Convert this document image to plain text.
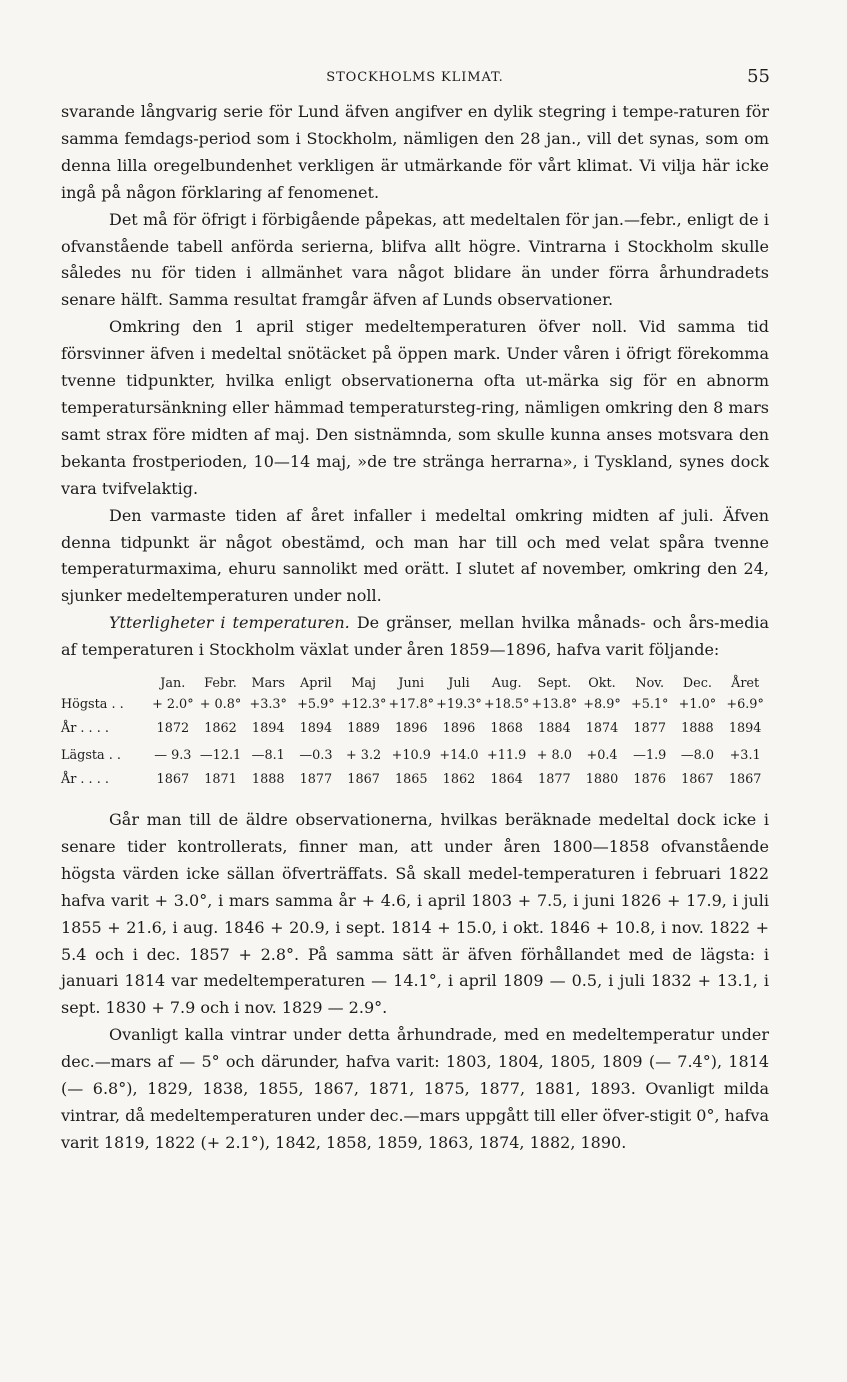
STOCKHOLMS KLIMAT.	55

svarande långvarig serie för Lund äfven angifver en dylik stegring i tempe-raturen för samma femdags-period som i Stockholm, nämligen den 28 jan., vill det synas, som om denna lilla oregelbundenhet verkligen är utmärkande för vårt klimat. Vi vilja här icke ingå på någon förklaring af fenomenet.

Det må för öfrigt i förbigående påpekas, att medeltalen för jan.—febr., enligt de i ofvanstående tabell anförda serierna, blifva allt högre. Vintrarna i Stockholm skulle således nu för tiden i allmänhet vara något blidare än under förra århundradets senare hälft. Samma resultat framgår äfven af Lunds observationer.

Omkring den 1 april stiger medeltemperaturen öfver noll. Vid samma tid försvinner äfven i medeltal snötäcket på öppen mark. Under våren i öfrigt förekomma tvenne tidpunkter, hvilka enligt observationerna ofta ut-märka sig för en abnorm temperatursänkning eller hämmad temperatursteg-ring, nämligen omkring den 8 mars samt strax före midten af maj. Den sistnämnda, som skulle kunna anses motsvara den bekanta frostperioden, 10—14 maj, »de tre stränga herrarna», i Tyskland, synes dock vara tvifvelaktig.

Den varmaste tiden af året infaller i medeltal omkring midten af juli. Äfven denna tidpunkt är något obestämd, och man har till och med velat spåra tvenne temperaturmaxima, ehuru sannolikt med orätt. I slutet af november, omkring den 24, sjunker medeltemperaturen under noll.

Ytterligheter i temperaturen. De gränser, mellan hvilka månads- och års-media af temperaturen i Stockholm växlat under åren 1859—1896, hafva varit följande:

	Jan.	Febr.	Mars	April	Maj	Juni	Juli	Aug.	Sept.	Okt.	Nov.	Dec.	Året
Högsta . .	+ 2.0°	+ 0.8°	+3.3°	+5.9°	+12.3°	+17.8°	+19.3°	+18.5°	+13.8°	+8.9°	+5.1°	+1.0°	+6.9°
År . . . .	1872	1862	1894	1894	1889	1896	1896	1868	1884	1874	1877	1888	1894
Lägsta . .	— 9.3	—12.1	—8.1	—0.3	+ 3.2	+10.9	+14.0	+11.9	+ 8.0	+0.4	—1.9	—8.0	+3.1
År . . . .	1867	1871	1888	1877	1867	1865	1862	1864	1877	1880	1876	1867	1867

Går man till de äldre observationerna, hvilkas beräknade medeltal dock icke i senare tider kontrollerats, finner man, att under åren 1800—1858 ofvanstående högsta värden icke sällan öfverträffats. Så skall medel-temperaturen i februari 1822 hafva varit + 3.0°, i mars samma år + 4.6, i april 1803 + 7.5, i juni 1826 + 17.9, i juli 1855 + 21.6, i aug. 1846 + 20.9, i sept. 1814 + 15.0, i okt. 1846 + 10.8, i nov. 1822 + 5.4 och i dec. 1857 + 2.8°. På samma sätt är äfven förhållandet med de lägsta: i januari 1814 var medeltemperaturen — 14.1°, i april 1809 — 0.5, i juli 1832 + 13.1, i sept. 1830 + 7.9 och i nov. 1829 — 2.9°.

Ovanligt kalla vintrar under detta århundrade, med en medeltemperatur under dec.—mars af — 5° och därunder, hafva varit: 1803, 1804, 1805, 1809 (— 7.4°), 1814 (— 6.8°), 1829, 1838, 1855, 1867, 1871, 1875, 1877, 1881, 1893. Ovanligt milda vintrar, då medeltemperaturen under dec.—mars uppgått till eller öfver-stigit 0°, hafva varit 1819, 1822 (+ 2.1°), 1842, 1858, 1859, 1863, 1874, 1882, 1890.
